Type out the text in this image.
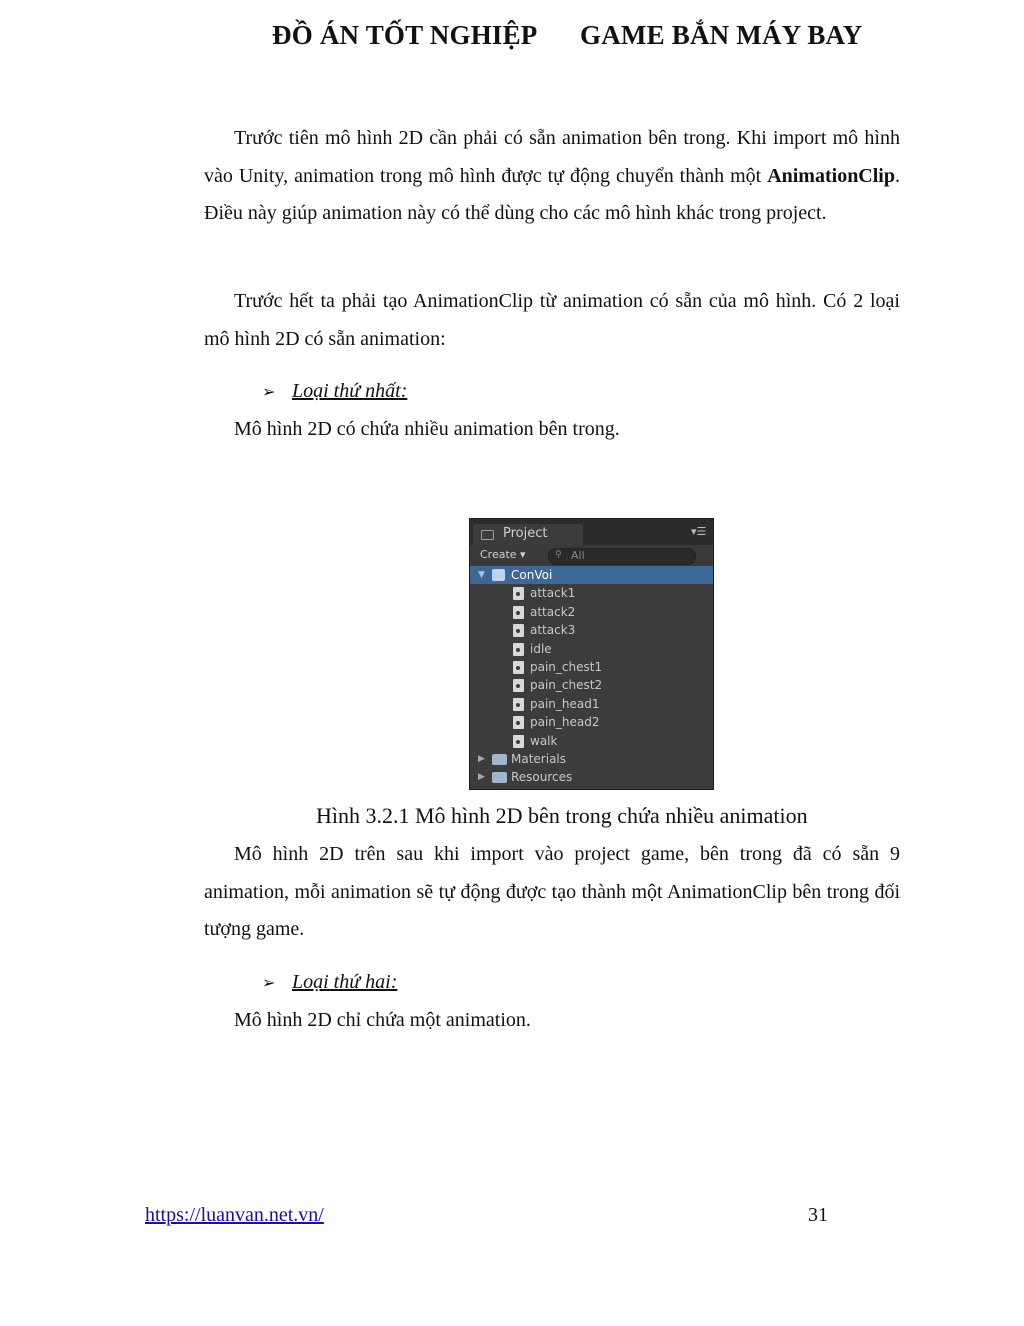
ĐỒ ÁN TỐT NGHIỆP GAME BẮN MÁY BAY

Trước tiên mô hình 2D cần phải có sẵn animation bên trong. Khi import mô hình vào Unity, animation trong mô hình được tự động chuyển thành một AnimationClip. Điều này giúp animation này có thể dùng cho các mô hình khác trong project.

Trước hết ta phải tạo AnimationClip từ animation có sẵn của mô hình. Có 2 loại mô hình 2D có sẵn animation:

➢ Loại thứ nhất:
Mô hình 2D có chứa nhiều animation bên trong.
Project	▾☰
Create ▾	⚲ All
▼ ConVoi
attack1
attack2
attack3
idle
pain_chest1
pain_chest2
pain_head1
pain_head2
walk
▶ Materials
▶ Resources
Hình 3.2.1 Mô hình 2D bên trong chứa nhiều animation

Mô hình 2D trên sau khi import vào project game, bên trong đã có sẵn 9 animation, mỗi animation sẽ tự động được tạo thành một AnimationClip bên trong đối tượng game.

➢ Loại thứ hai:
Mô hình 2D chỉ chứa một animation.
https://luanvan.net.vn/	31
